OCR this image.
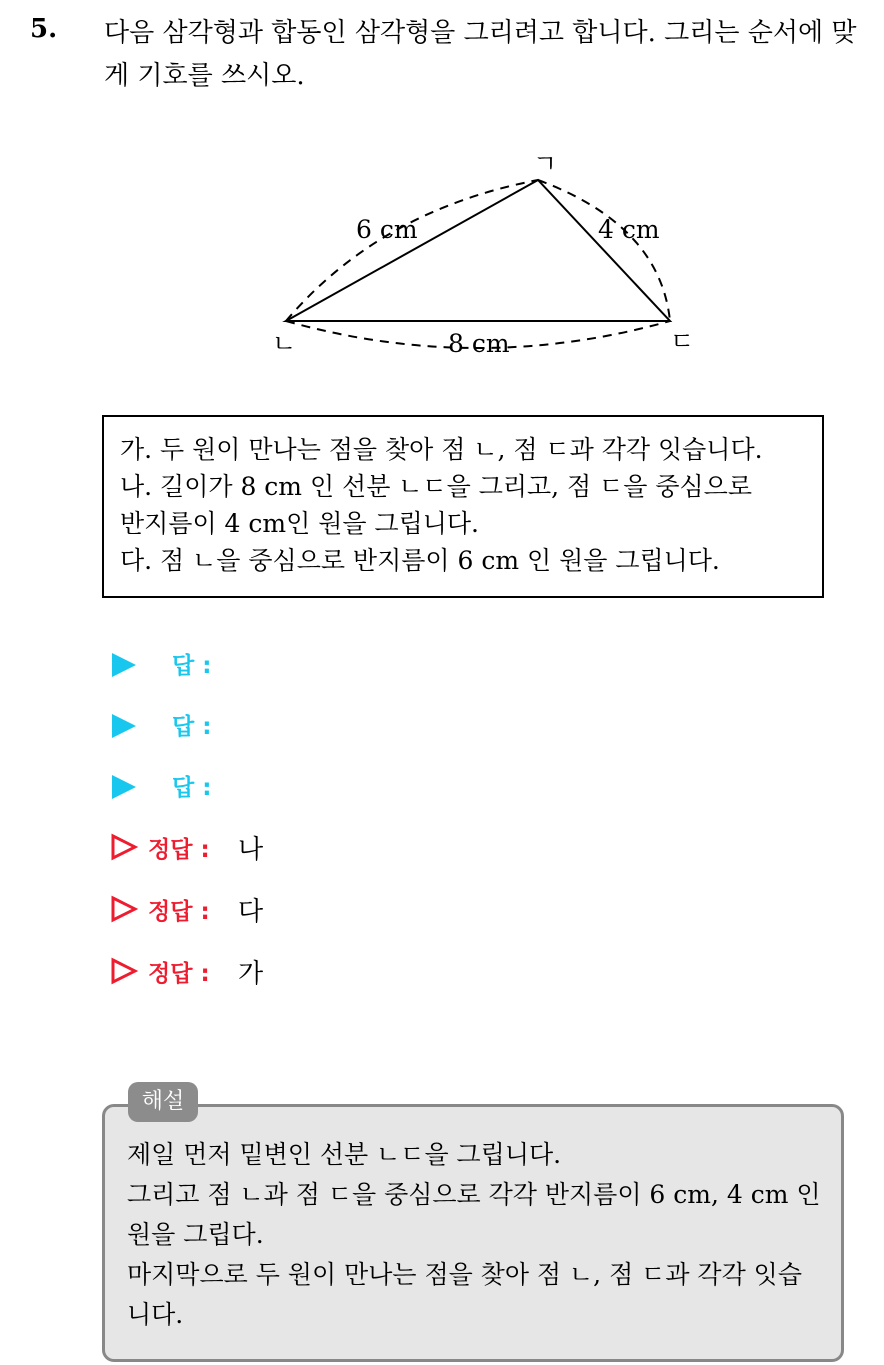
5. 다음 삼각형과 합동인 삼각형을 그리려고 합니다. 그리는 순서에 맞게 기호를 쓰시오.
ㄱ
ㄴ	ㄷ
6 cm	4 cm
8 cm
가. 두 원이 만나는 점을 찾아 점 ㄴ, 점 ㄷ과 각각 잇습니다.
나. 길이가 8 cm 인 선분 ㄴㄷ을 그리고, 점 ㄷ을 중심으로
반지름이 4 cm인 원을 그립니다.
다. 점 ㄴ을 중심으로 반지름이 6 cm 인 원을 그립니다.
답 :
답 :
답 :
정답 : 나
정답 : 다
정답 : 가
제일 먼저 밑변인 선분 ㄴㄷ을 그립니다.
그리고 점 ㄴ과 점 ㄷ을 중심으로 각각 반지름이 6 cm, 4 cm 인
원을 그립다.
마지막으로 두 원이 만나는 점을 찾아 점 ㄴ, 점 ㄷ과 각각 잇습
니다.
해설
